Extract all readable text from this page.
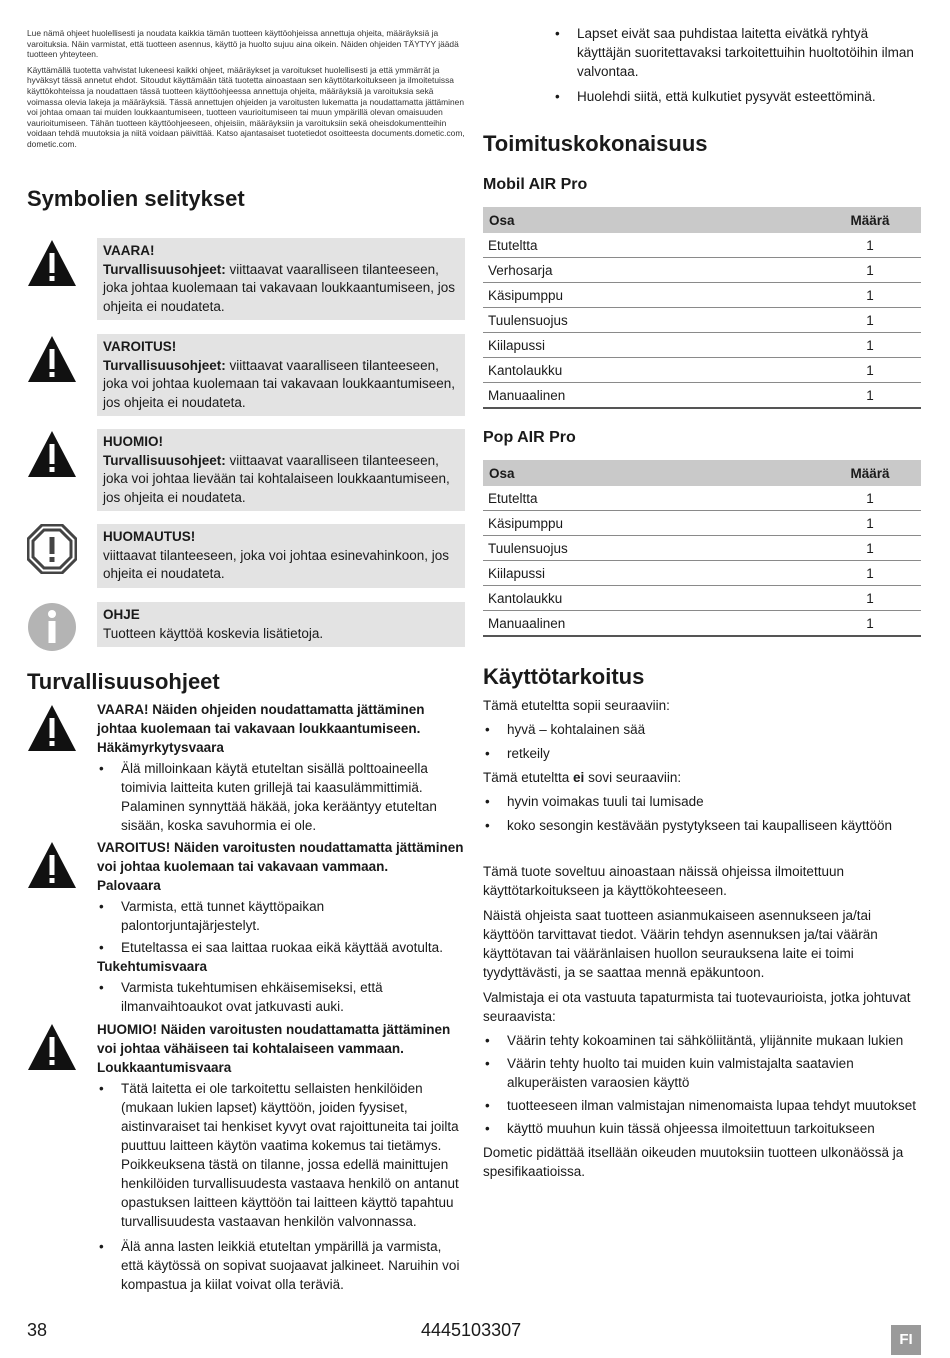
Lue nämä ohjeet huolellisesti ja noudata kaikkia tämän tuotteen käyttöohjeissa annettuja ohjeita, määräyksiä ja varoituksia. Näin varmistat, että tuotteen asennus, käyttö ja huolto sujuu aina oikein. Näiden ohjeiden TÄYTYY jäädä tuotteen yhteyteen.

Käyttämällä tuotetta vahvistat lukeneesi kaikki ohjeet, määräykset ja varoitukset huolellisesti ja että ymmärrät ja hyväksyt tässä annetut ehdot. Sitoudut käyttämään tätä tuotetta ainoastaan sen käyttötarkoitukseen ja ilmoitetuissa käyttökohteissa ja noudattaen tässä tuotteen käyttöohjeessa annettuja ohjeita, määräyksiä ja varoituksia sekä voimassa olevia lakeja ja määräyksiä. Tässä annettujen ohjeiden ja varoitusten lukematta ja noudattamatta jättäminen voi johtaa omaan tai muiden loukkaantumiseen, tuotteen vaurioitumiseen tai muun ympärillä olevan omaisuuden vaurioitumiseen. Tähän tuotteen käyttöohjeeseen, ohjeisiin, määräyksiin ja varoituksiin sekä oheisdokumentteihin voidaan tehdä muutoksia ja niitä voidaan päivittää. Katso ajantasaiset tuotetiedot osoitteesta documents.dometic.com, dometic.com.

Symbolien selitykset
VAARA!
Turvallisuusohjeet: viittaavat vaaralliseen tilanteeseen, joka johtaa kuolemaan tai vakavaan loukkaantumiseen, jos ohjeita ei noudateta.
VAROITUS!
Turvallisuusohjeet: viittaavat vaaralliseen tilanteeseen, joka voi johtaa kuolemaan tai vakavaan loukkaantumiseen, jos ohjeita ei noudateta.
HUOMIO!
Turvallisuusohjeet: viittaavat vaaralliseen tilanteeseen, joka voi johtaa lievään tai kohtalaiseen loukkaantumiseen, jos ohjeita ei noudateta.
HUOMAUTUS!
viittaavat tilanteeseen, joka voi johtaa esinevahinkoon, jos ohjeita ei noudateta.
OHJE
Tuotteen käyttöä koskevia lisätietoja.
Turvallisuusohjeet

VAARA! Näiden ohjeiden noudattamatta jättäminen johtaa kuolemaan tai vakavaan loukkaantumiseen.

Häkämyrkytysvaara

• Älä milloinkaan käytä etuteltan sisällä polttoaineella toimivia laitteita kuten grillejä tai kaasulämmittimiä. Palaminen synnyttää häkää, joka kerääntyy etuteltan sisään, koska savuhormia ei ole.

VAROITUS! Näiden varoitusten noudattamatta jättäminen voi johtaa kuolemaan tai vakavaan vammaan.

Palovaara

• Varmista, että tunnet käyttöpaikan palontorjuntajärjestelyt.

• Etuteltassa ei saa laittaa ruokaa eikä käyttää avotulta.

Tukehtumisvaara

• Varmista tukehtumisen ehkäisemiseksi, että ilmanvaihtoaukot ovat jatkuvasti auki.

HUOMIO! Näiden varoitusten noudattamatta jättäminen voi johtaa vähäiseen tai kohtalaiseen vammaan.

Loukkaantumisvaara

• Tätä laitetta ei ole tarkoitettu sellaisten henkilöiden (mukaan lukien lapset) käyttöön, joiden fyysiset, aistinvaraiset tai henkiset kyvyt ovat rajoittuneita tai joilta puuttuu laitteen käytön vaatima kokemus tai tietämys. Poikkeuksena tästä on tilanne, jossa edellä mainittujen henkilöiden turvallisuudesta vastaava henkilö on antanut opastuksen laitteen käyttöön tai laitteen käyttö tapahtuu turvallisuudesta vastaavan henkilön valvonnassa.

• Älä anna lasten leikkiä etuteltan ympärillä ja varmista, että käytössä on sopivat suojaavat jalkineet. Naruihin voi kompastua ja kiilat voivat olla teräviä.

• Lapset eivät saa puhdistaa laitetta eivätkä ryhtyä käyttäjän suoritettavaksi tarkoitettuihin huoltotöihin ilman valvontaa.

• Huolehdi siitä, että kulkutiet pysyvät esteettöminä.

Toimituskokonaisuus
Mobil AIR Pro
Osa	Määrä
Etuteltta	1
Verhosarja	1
Käsipumppu	1
Tuulensuojus	1
Kiilapussi	1
Kantolaukku	1
Manuaalinen	1
Pop AIR Pro
Osa	Määrä
Etuteltta	1
Käsipumppu	1
Tuulensuojus	1
Kiilapussi	1
Kantolaukku	1
Manuaalinen	1
Käyttötarkoitus

Tämä etuteltta sopii seuraaviin:

• hyvä – kohtalainen sää

• retkeily

Tämä etuteltta ei sovi seuraaviin:

• hyvin voimakas tuuli tai lumisade

• koko sesongin kestävään pystytykseen tai kaupalliseen käyttöön

Tämä tuote soveltuu ainoastaan näissä ohjeissa ilmoitettuun käyttötarkoitukseen ja käyttökohteeseen.

Näistä ohjeista saat tuotteen asianmukaiseen asennukseen ja/tai käyttöön tarvittavat tiedot. Väärin tehdyn asennuksen ja/tai väärän käyttötavan tai vääränlaisen huollon seurauksena laite ei toimi tyydyttävästi, ja se saattaa mennä epäkuntoon.

Valmistaja ei ota vastuuta tapaturmista tai tuotevaurioista, jotka johtuvat seuraavista:

• Väärin tehty kokoaminen tai sähköliitäntä, ylijännite mukaan lukien

• Väärin tehty huolto tai muiden kuin valmistajalta saatavien alkuperäisten varaosien käyttö

• tuotteeseen ilman valmistajan nimenomaista lupaa tehdyt muutokset

• käyttö muuhun kuin tässä ohjeessa ilmoitettuun tarkoitukseen

Dometic pidättää itsellään oikeuden muutoksiin tuotteen ulkonäössä ja spesifikaatioissa.

38	4445103307	FI
